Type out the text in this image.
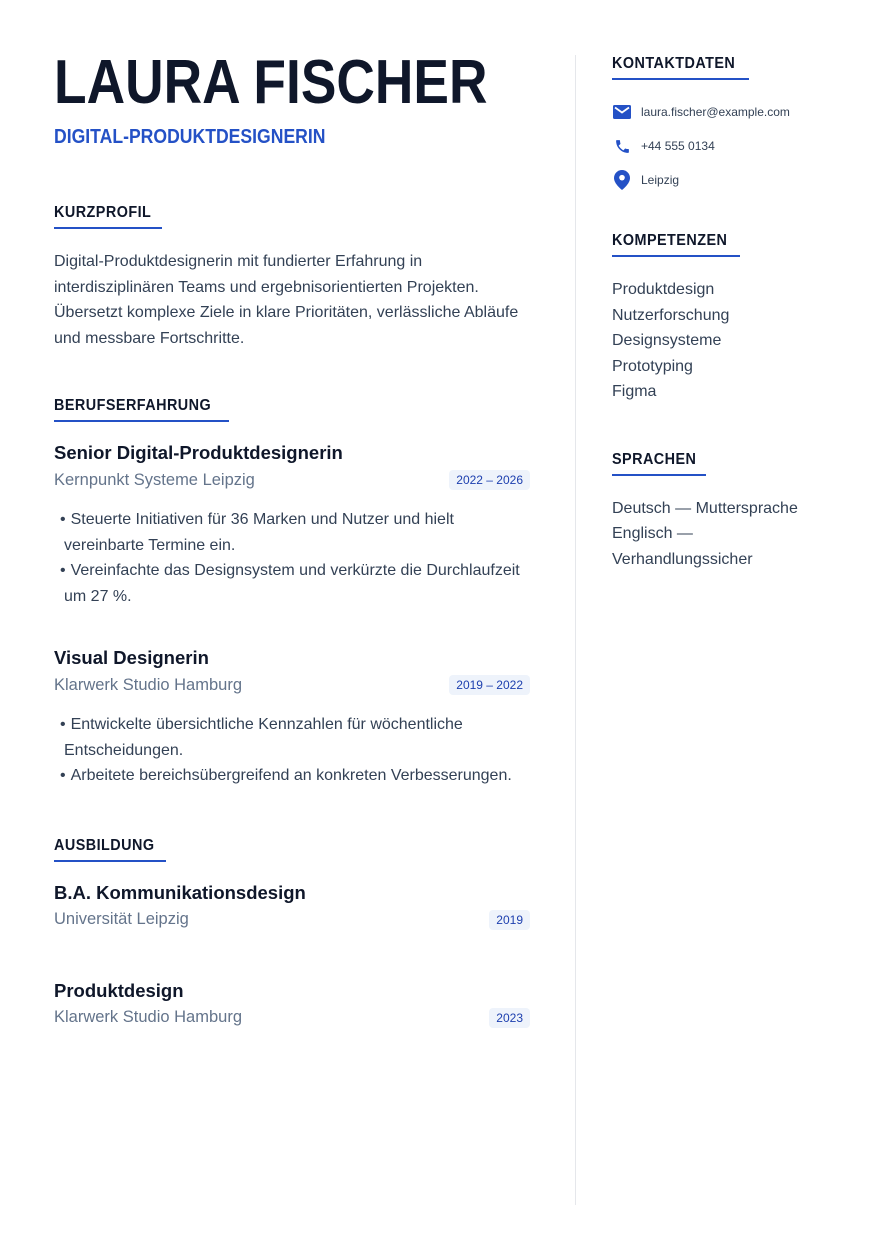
LAURA FISCHER
DIGITAL-PRODUKTDESIGNERIN
KURZPROFIL

Digital-Produktdesignerin mit fundierter Erfahrung in interdisziplinären Teams und ergebnisorientierten Projekten. Übersetzt komplexe Ziele in klare Prioritäten, verlässliche Abläufe und messbare Fortschritte.

BERUFSERFAHRUNG
Senior Digital-Produktdesignerin
Kernpunkt Systeme Leipzig	2022 – 2026
• Steuerte Initiativen für 36 Marken und Nutzer und hielt vereinbarte Termine ein.
• Vereinfachte das Designsystem und verkürzte die Durchlaufzeit um 27 %.
Visual Designerin
Klarwerk Studio Hamburg	2019 – 2022
• Entwickelte übersichtliche Kennzahlen für wöchentliche Entscheidungen.
• Arbeitete bereichsübergreifend an konkreten Verbesserungen.
AUSBILDUNG
B.A. Kommunikationsdesign
Universität Leipzig	2019
Produktdesign
Klarwerk Studio Hamburg	2023
KONTAKTDATEN
laura.fischer@example.com
+44 555 0134
Leipzig
KOMPETENZEN
Produktdesign
Nutzerforschung
Designsysteme
Prototyping
Figma
SPRACHEN
Deutsch — Muttersprache
Englisch —
Verhandlungssicher
